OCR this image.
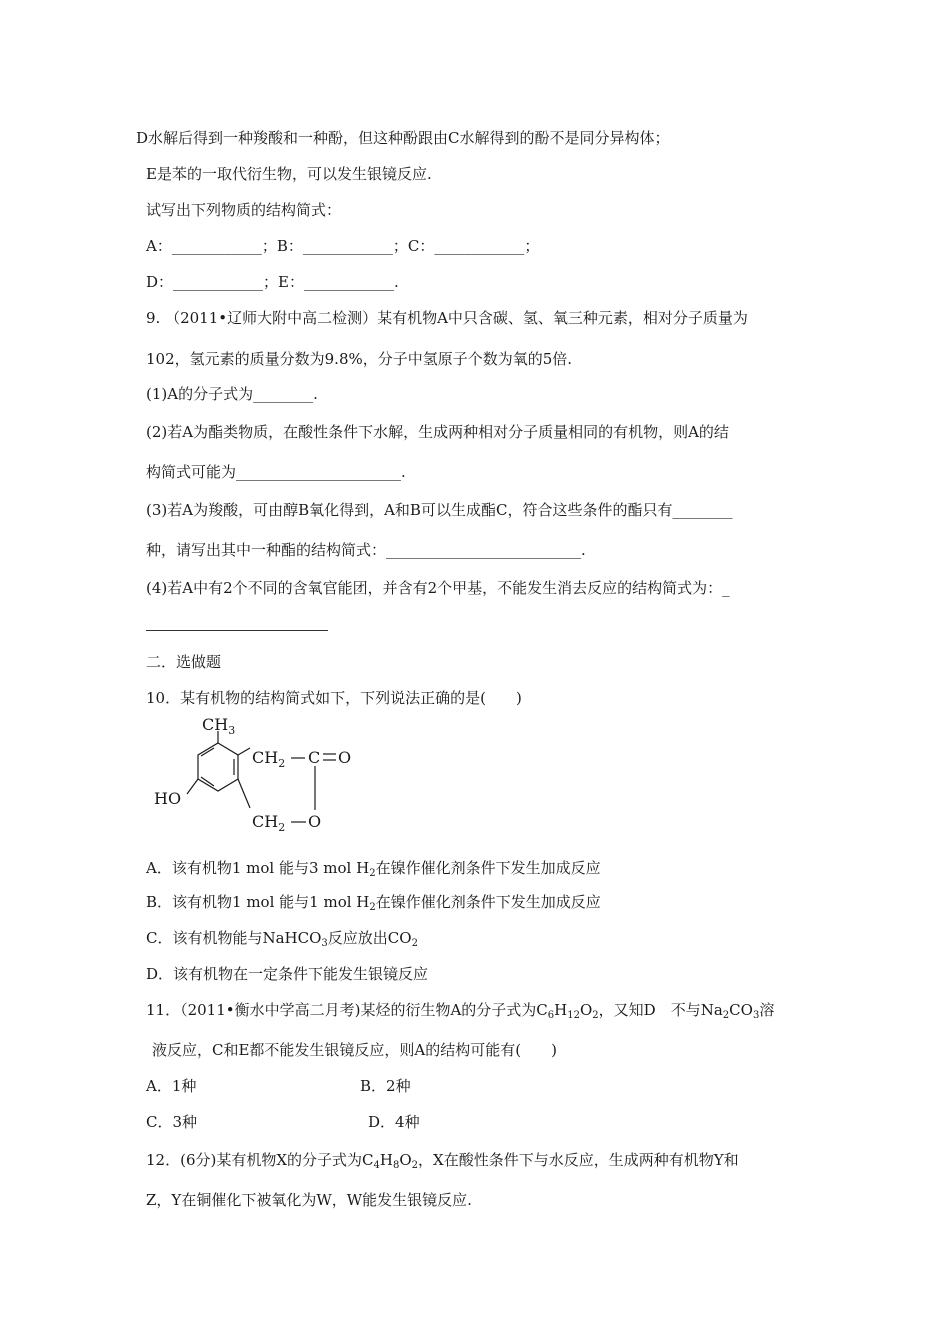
D水解后得到一种羧酸和一种酚，但这种酚跟由C水解得到的酚不是同分异构体；
E是苯的一取代衍生物，可以发生银镜反应.
试写出下列物质的结构简式：
A：____________；B：____________；C：____________；
D：____________；E：____________.
9. （2011•辽师大附中高二检测）某有机物A中只含碳、氢、氧三种元素，相对分子质量为
102，氢元素的质量分数为9.8%，分子中氢原子个数为氧的5倍.
(1)A的分子式为________.
(2)若A为酯类物质，在酸性条件下水解，生成两种相对分子质量相同的有机物，则A的结
构简式可能为______________________.
(3)若A为羧酸，可由醇B氧化得到，A和B可以生成酯C，符合这些条件的酯只有________
种，请写出其中一种酯的结构简式：__________________________.
(4)若A中有2个不同的含氧官能团，并含有2个甲基，不能发生消去反应的结构简式为：_
二．选做题
10．某有机物的结构简式如下，下列说法正确的是(　　)
$CH_3$
$CH_2$ C O
HO
$CH_2$ O
A．该有机物1 mol 能与3 mol $H_2$在镍作催化剂条件下发生加成反应
B．该有机物1 mol 能与1 mol $H_2$在镍作催化剂条件下发生加成反应
C．该有机物能与NaHCO$_3$反应放出$CO_2$
D．该有机物在一定条件下能发生银镜反应
11．（2011•衡水中学高二月考)某烃的衍生物A的分子式为$C_6H_{12}O_2$，又知D　不与$Na_2CO_3$溶
液反应，C和E都不能发生银镜反应，则A的结构可能有(　　)
A．1种	B．2种
C．3种	D．4种
12．(6分)某有机物X的分子式为$C_4H_8O_2$，X在酸性条件下与水反应，生成两种有机物Y和
Z，Y在铜催化下被氧化为W，W能发生银镜反应.
